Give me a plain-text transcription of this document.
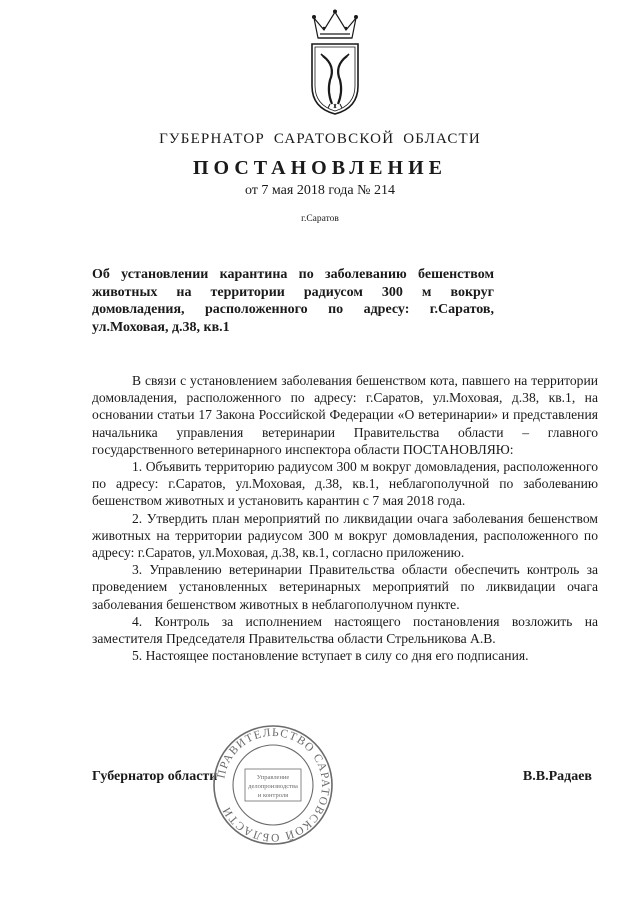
ГУБЕРНАТОР САРАТОВСКОЙ ОБЛАСТИ
ПОСТАНОВЛЕНИЕ
от 7 мая 2018 года № 214
г.Саратов
Об установлении карантина по заболеванию бешенством животных на территории радиусом 300 м вокруг домовладения, расположенного по адресу: г.Саратов, ул.Моховая, д.38, кв.1

В связи с установлением заболевания бешенством кота, павшего на территории домовладения, расположенного по адресу: г.Саратов, ул.Моховая, д.38, кв.1, на основании статьи 17 Закона Российской Федерации «О ветеринарии» и представления начальника управления ветеринарии Правительства области – главного государственного ветеринарного инспектора области ПОСТАНОВЛЯЮ:

1. Объявить территорию радиусом 300 м вокруг домовладения, расположенного по адресу: г.Саратов, ул.Моховая, д.38, кв.1, неблагополучной по заболеванию бешенством животных и установить карантин с 7 мая 2018 года.

2. Утвердить план мероприятий по ликвидации очага заболевания бешенством животных на территории радиусом 300 м вокруг домовладения, расположенного по адресу: г.Саратов, ул.Моховая, д.38, кв.1, согласно приложению.

3. Управлению ветеринарии Правительства области обеспечить контроль за проведением установленных ветеринарных мероприятий по ликвидации очага заболевания бешенством животных в неблагополучном пункте.

4. Контроль за исполнением настоящего постановления возложить на заместителя Председателя Правительства области Стрельникова А.В.

5. Настоящее постановление вступает в силу со дня его подписания.

Губернатор области	В.В.Радаев
ПРАВИТЕЛЬСТВО САРАТОВСКОЙ ОБЛАСТИ
Управление
делопроизводства
и контроля
